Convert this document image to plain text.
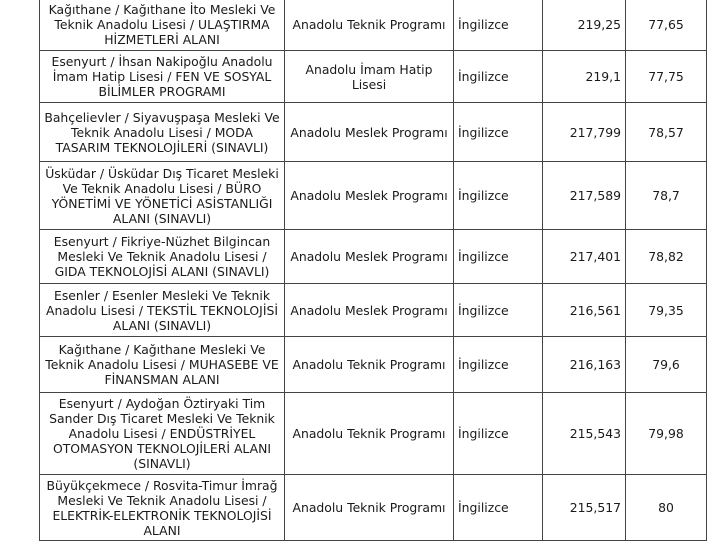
Kağıthane / Kağıthane İto Mesleki Ve Teknik Anadolu Lisesi / ULAŞTIRMA HİZMETLERİ ALANI	Anadolu Teknik Programı	İngilizce	219,25	77,65
Esenyurt / İhsan Nakipoğlu Anadolu İmam Hatip Lisesi / FEN VE SOSYAL BİLİMLER PROGRAMI	Anadolu İmam Hatip Lisesi	İngilizce	219,1	77,75
Bahçelievler / Siyavuşpaşa Mesleki Ve Teknik Anadolu Lisesi / MODA TASARIM TEKNOLOJİLERİ (SINAVLI)	Anadolu Meslek Programı	İngilizce	217,799	78,57
Üsküdar / Üsküdar Dış Ticaret Mesleki Ve Teknik Anadolu Lisesi / BÜRO YÖNETİMİ VE YÖNETİCİ ASİSTANLIĞI ALANI (SINAVLI)	Anadolu Meslek Programı	İngilizce	217,589	78,7
Esenyurt / Fikriye-Nüzhet Bilgincan Mesleki Ve Teknik Anadolu Lisesi / GIDA TEKNOLOJİSİ ALANI (SINAVLI)	Anadolu Meslek Programı	İngilizce	217,401	78,82
Esenler / Esenler Mesleki Ve Teknik Anadolu Lisesi / TEKSTİL TEKNOLOJİSİ ALANI (SINAVLI)	Anadolu Meslek Programı	İngilizce	216,561	79,35
Kağıthane / Kağıthane Mesleki Ve Teknik Anadolu Lisesi / MUHASEBE VE FİNANSMAN ALANI	Anadolu Teknik Programı	İngilizce	216,163	79,6
Esenyurt / Aydoğan Öztiryaki Tim Sander Dış Ticaret Mesleki Ve Teknik Anadolu Lisesi / ENDÜSTRİYEL OTOMASYON TEKNOLOJİLERİ ALANI (SINAVLI)	Anadolu Teknik Programı	İngilizce	215,543	79,98
Büyükçekmece / Rosvita-Timur İmrağ Mesleki Ve Teknik Anadolu Lisesi / ELEKTRİK-ELEKTRONİK TEKNOLOJİSİ ALANI	Anadolu Teknik Programı	İngilizce	215,517	80
